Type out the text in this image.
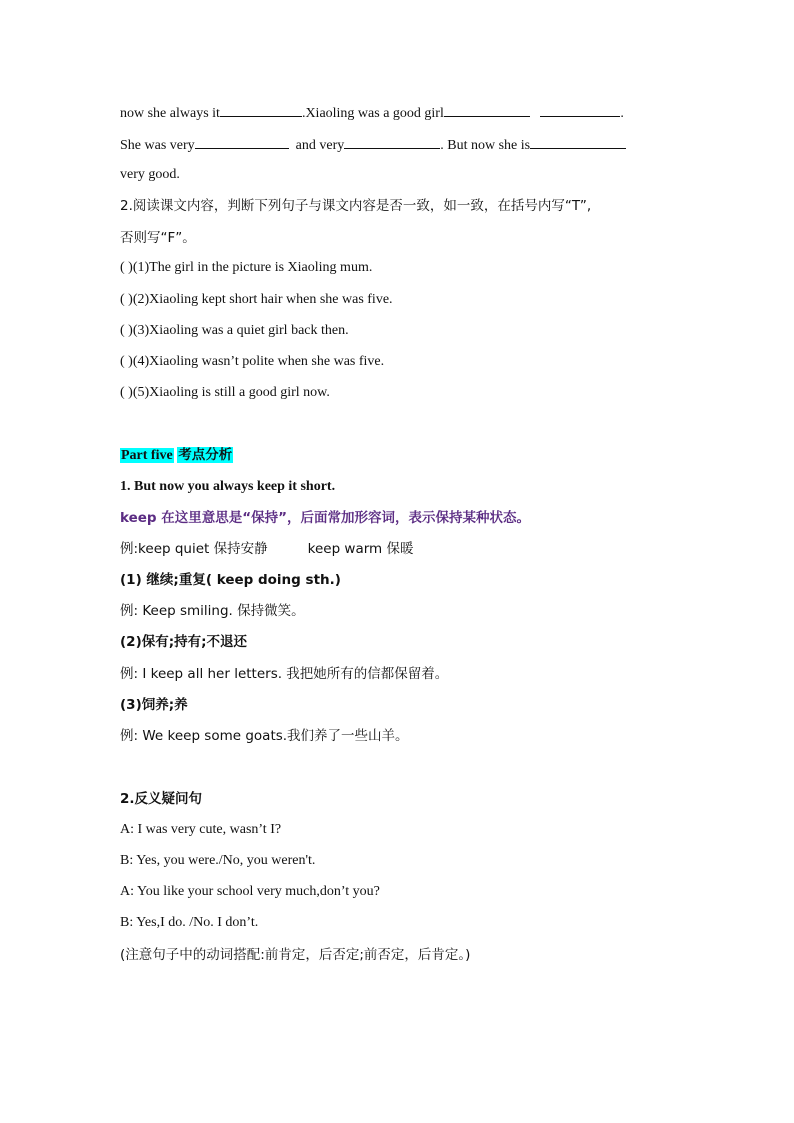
now she always it	.Xiaoling was a good girl	.
She was very	and very	. But now she is
very good.
2.阅读课文内容，判断下列句子与课文内容是否一致，如一致，在括号内写“T”,
否则写“F”。
( )(1)The girl in the picture is Xiaoling mum.
( )(2)Xiaoling kept short hair when she was five.
( )(3)Xiaoling was a quiet girl back then.
( )(4)Xiaoling wasn’t polite when she was five.
( )(5)Xiaoling is still a good girl now.
Part five 考点分析
1. But now you always keep it short.
keep 在这里意思是“保持”，后面常加形容词，表示保持某种状态。
例:keep quiet 保持安静	keep warm 保暖
(1) 继续;重复( keep doing sth.)
例: Keep smiling. 保持微笑。
(2)保有;持有;不退还
例: I keep all her letters. 我把她所有的信都保留着。
(3)饲养;养
例: We keep some goats.我们养了一些山羊。
2.反义疑问句
A: I was very cute, wasn’t I?
B: Yes, you were./No, you weren't.
A: You like your school very much,don’t you?
B: Yes,I do. /No. I don’t.
(注意句子中的动词搭配:前肯定，后否定;前否定，后肯定。)
